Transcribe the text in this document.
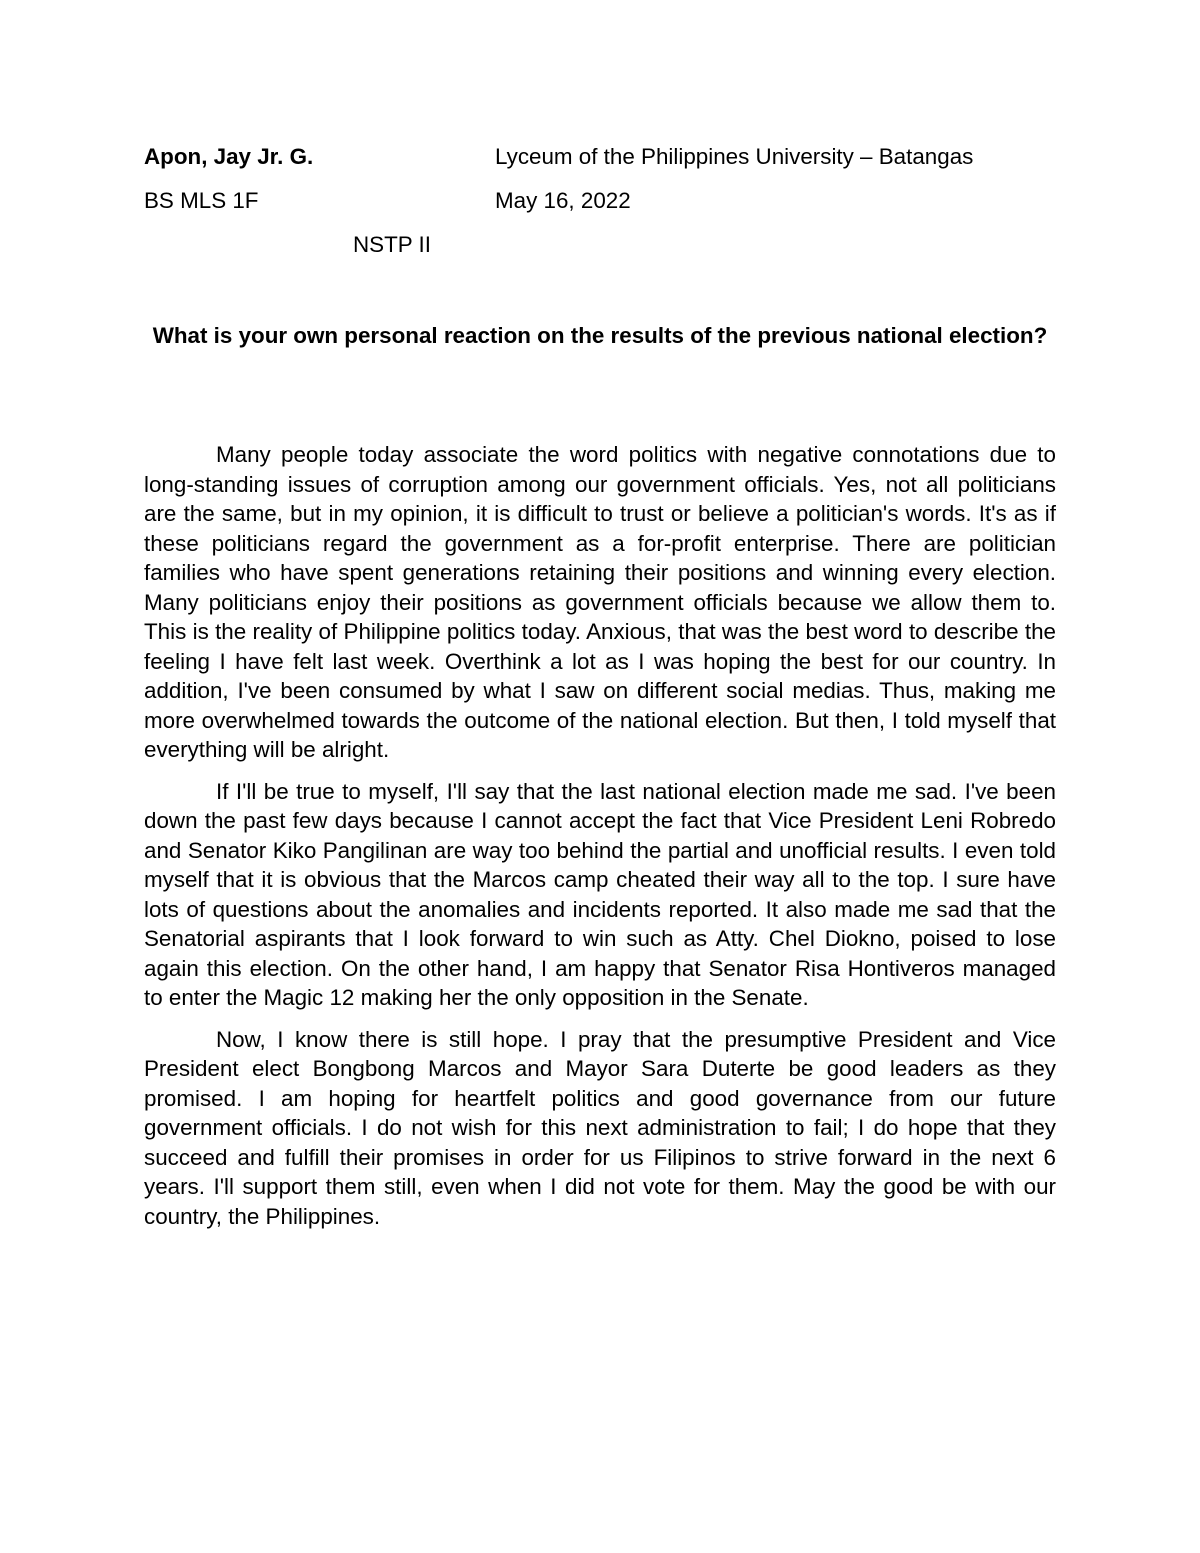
Apon, Jay Jr. G.	Lyceum of the Philippines University – Batangas
BS MLS 1F	May 16, 2022
NSTP II
What is your own personal reaction on the results of the previous national election?

Many people today associate the word politics with negative connotations due to long-standing issues of corruption among our government officials. Yes, not all politicians are the same, but in my opinion, it is difficult to trust or believe a politician's words. It's as if these politicians regard the government as a for-profit enterprise. There are politician families who have spent generations retaining their positions and winning every election. Many politicians enjoy their positions as government officials because we allow them to. This is the reality of Philippine politics today. Anxious, that was the best word to describe the feeling I have felt last week. Overthink a lot as I was hoping the best for our country. In addition, I've been consumed by what I saw on different social medias. Thus, making me more overwhelmed towards the outcome of the national election. But then, I told myself that everything will be alright.

If I'll be true to myself, I'll say that the last national election made me sad. I've been down the past few days because I cannot accept the fact that Vice President Leni Robredo and Senator Kiko Pangilinan are way too behind the partial and unofficial results. I even told myself that it is obvious that the Marcos camp cheated their way all to the top. I sure have lots of questions about the anomalies and incidents reported. It also made me sad that the Senatorial aspirants that I look forward to win such as Atty. Chel Diokno, poised to lose again this election. On the other hand, I am happy that Senator Risa Hontiveros managed to enter the Magic 12 making her the only opposition in the Senate.

Now, I know there is still hope. I pray that the presumptive President and Vice President elect Bongbong Marcos and Mayor Sara Duterte be good leaders as they promised. I am hoping for heartfelt politics and good governance from our future government officials. I do not wish for this next administration to fail; I do hope that they succeed and fulfill their promises in order for us Filipinos to strive forward in the next 6 years. I'll support them still, even when I did not vote for them. May the good be with our country, the Philippines.
